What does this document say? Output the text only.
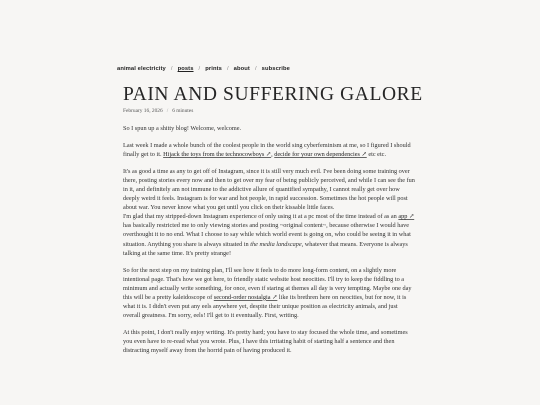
animal electricity / posts / prints / about / subscribe
PAIN AND SUFFERING GALORE
February 16, 2026 / 6 minutes

So I spun up a shitty blog! Welcome, welcome.

Last week I made a whole bunch of the coolest people in the world sing cyberfeminism at me, so I figured I should finally get to it. Hijack the toys from the technocowboys ↗, decide for your own dependencies ↗ etc etc.

It's as good a time as any to get off of Instagram, since it is still very much evil. I've been doing some training over there, posting stories every now and then to get over my fear of being publicly perceived, and while I can see the fun in it, and definitely am not immune to the addictive allure of quantified sympathy, I cannot really get over how deeply weird it feels. Instagram is for war and hot people, in rapid succession. Sometimes the hot people will post about war. You never know what you get until you click on their kissable little faces.

I'm glad that my stripped-down Instagram experience of only using it at a pc most of the time instead of as an app ↗ has basically restricted me to only viewing stories and posting ~original content~, because otherwise I would have overthought it to no end. What I choose to say while which world event is going on, who could be seeing it in what situation. Anything you share is always situated in the media landscape, whatever that means. Everyone is always talking at the same time. It's pretty strange!

So for the next step on my training plan, I'll see how it feels to do more long-form content, on a slightly more intentional page. That's how we got here, to friendly static website host neocities. I'll try to keep the fiddling to a minimum and actually write something, for once, even if staring at themes all day is very tempting. Maybe one day this will be a pretty kaleidoscope of second-order nostalgia ↗ like its brethren here on neocities, but for now, it is what it is. I didn't even put any eels anywhere yet, despite their unique position as electricity animals, and just overall greatness. I'm sorry, eels! I'll get to it eventually. First, writing.

At this point, I don't really enjoy writing. It's pretty hard; you have to stay focused the whole time, and sometimes you even have to re-read what you wrote. Plus, I have this irritating habit of starting half a sentence and then distracting myself away from the horrid pain of having produced it.
